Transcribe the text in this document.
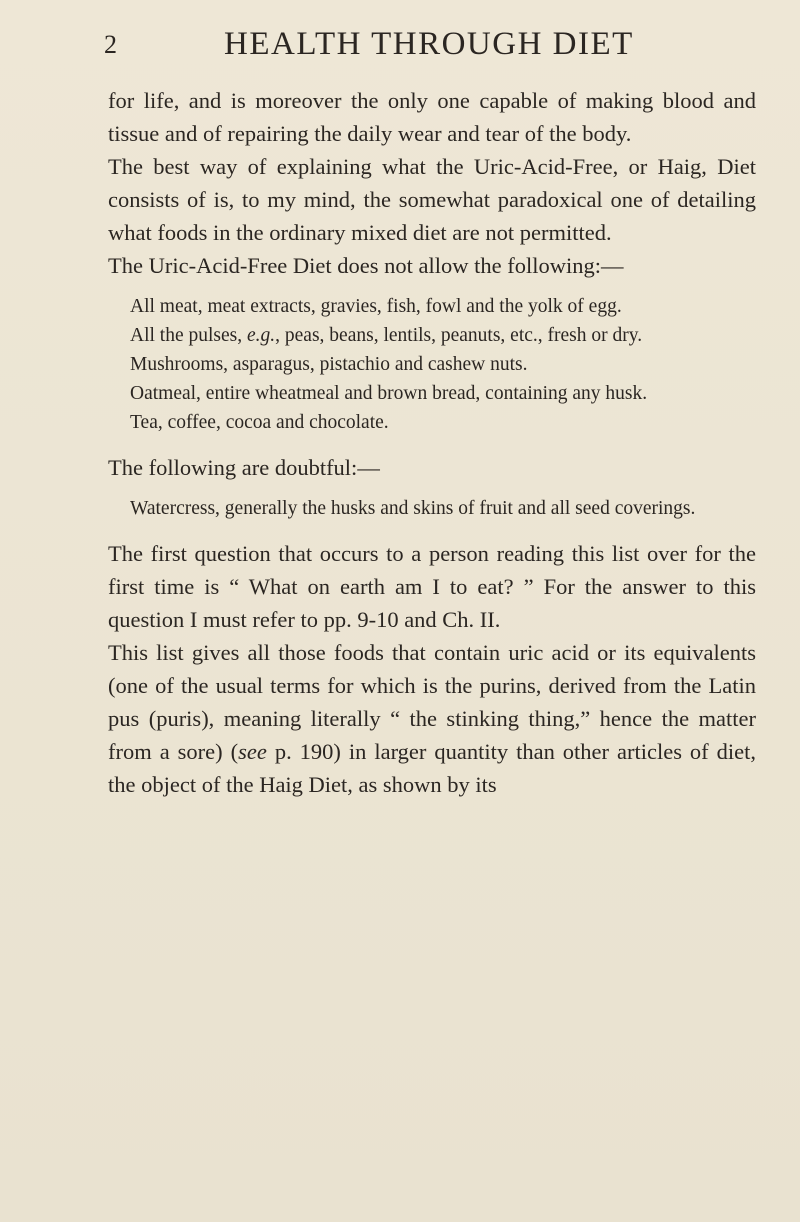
2	HEALTH THROUGH DIET

for life, and is moreover the only one capable of making blood and tissue and of repairing the daily wear and tear of the body.

The best way of explaining what the Uric-Acid-Free, or Haig, Diet consists of is, to my mind, the somewhat paradoxical one of detailing what foods in the ordinary mixed diet are not permitted.

The Uric-Acid-Free Diet does not allow the following:—

All meat, meat extracts, gravies, fish, fowl and the yolk of egg.

All the pulses, e.g., peas, beans, lentils, peanuts, etc., fresh or dry.

Mushrooms, asparagus, pistachio and cashew nuts.

Oatmeal, entire wheatmeal and brown bread, containing any husk.

Tea, coffee, cocoa and chocolate.

The following are doubtful:—

Watercress, generally the husks and skins of fruit and all seed coverings.

The first question that occurs to a person reading this list over for the first time is “ What on earth am I to eat? ” For the answer to this question I must refer to pp. 9-10 and Ch. II.

This list gives all those foods that contain uric acid or its equivalents (one of the usual terms for which is the purins, derived from the Latin pus (puris), meaning literally “ the stinking thing,” hence the matter from a sore) (see p. 190) in larger quantity than other articles of diet, the object of the Haig Diet, as shown by its
